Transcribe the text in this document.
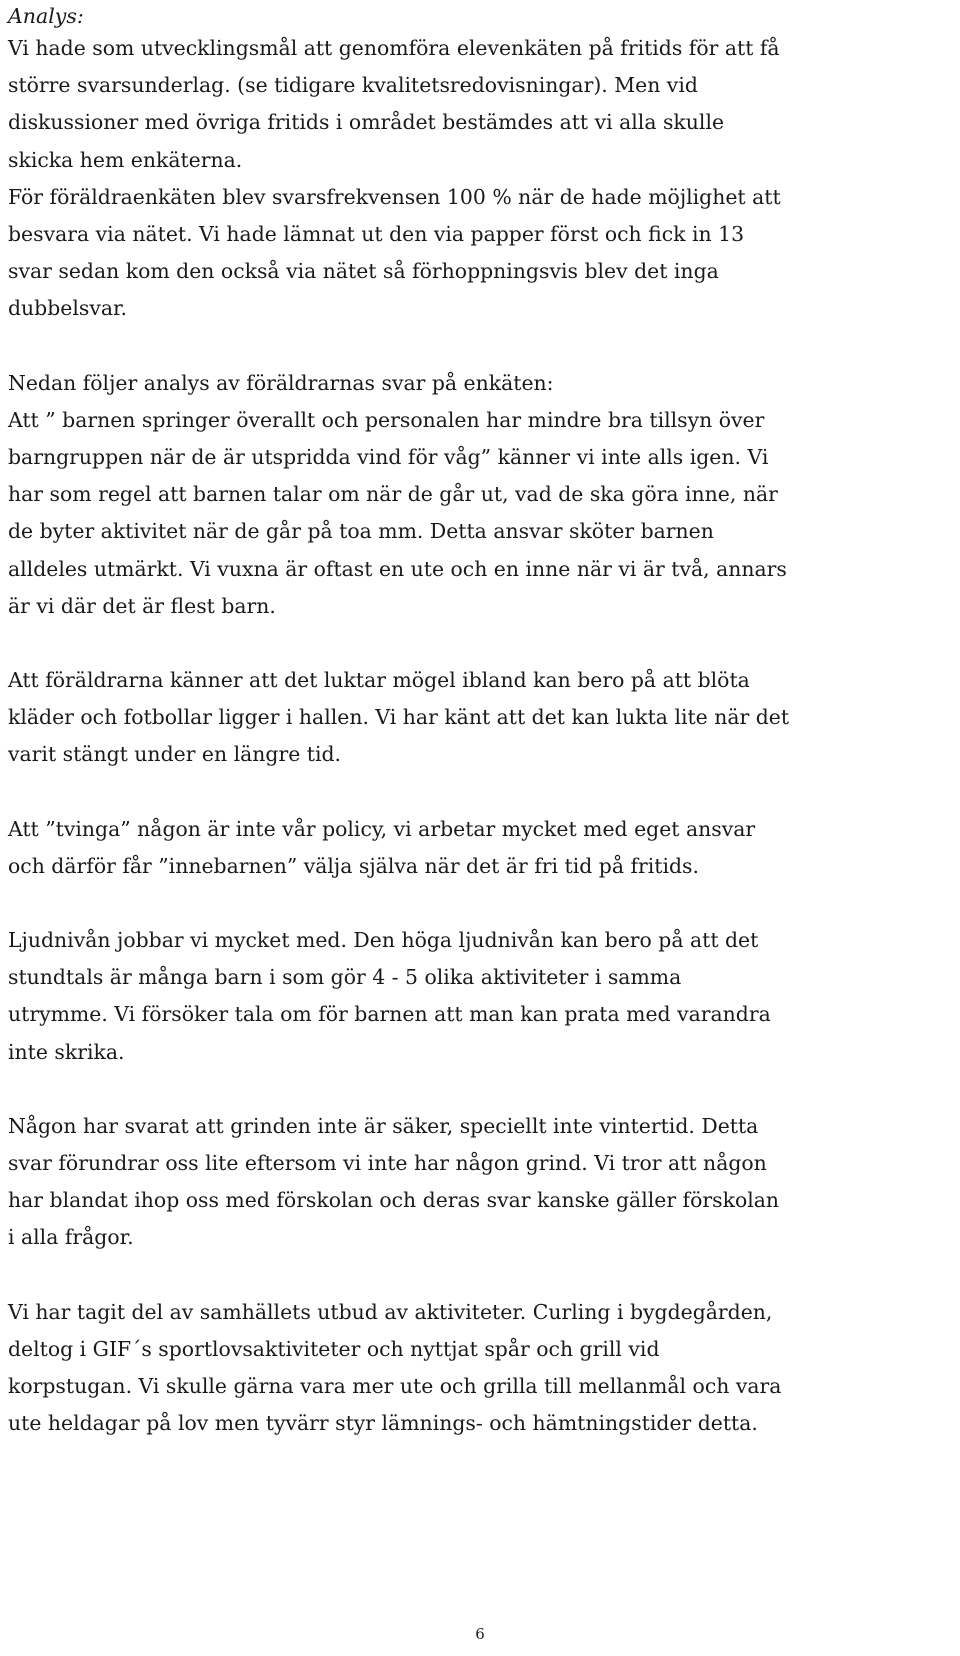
Analys:

Vi hade som utvecklingsmål att genomföra elevenkäten på fritids för att få
större svarsunderlag. (se tidigare kvalitetsredovisningar). Men vid
diskussioner med övriga fritids i området bestämdes att vi alla skulle
skicka hem enkäterna.
För föräldraenkäten blev svarsfrekvensen 100 % när de hade möjlighet att
besvara via nätet. Vi hade lämnat ut den via papper först och fick in 13
svar sedan kom den också via nätet så förhoppningsvis blev det inga
dubbelsvar.
Nedan följer analys av föräldrarnas svar på enkäten:
Att ” barnen springer överallt och personalen har mindre bra tillsyn över
barngruppen när de är utspridda vind för våg” känner vi inte alls igen. Vi
har som regel att barnen talar om när de går ut, vad de ska göra inne, när
de byter aktivitet när de går på toa mm. Detta ansvar sköter barnen
alldeles utmärkt. Vi vuxna är oftast en ute och en inne när vi är två, annars
är vi där det är flest barn.
Att föräldrarna känner att det luktar mögel ibland kan bero på att blöta
kläder och fotbollar ligger i hallen. Vi har känt att det kan lukta lite när det
varit stängt under en längre tid.
Att ”tvinga” någon är inte vår policy, vi arbetar mycket med eget ansvar
och därför får ”innebarnen” välja själva när det är fri tid på fritids.
Ljudnivån jobbar vi mycket med. Den höga ljudnivån kan bero på att det
stundtals är många barn i som gör 4 - 5 olika aktiviteter i samma
utrymme. Vi försöker tala om för barnen att man kan prata med varandra
inte skrika.
Någon har svarat att grinden inte är säker, speciellt inte vintertid. Detta
svar förundrar oss lite eftersom vi inte har någon grind. Vi tror att någon
har blandat ihop oss med förskolan och deras svar kanske gäller förskolan
i alla frågor.
Vi har tagit del av samhällets utbud av aktiviteter. Curling i bygdegården,
deltog i GIF´s sportlovsaktiviteter och nyttjat spår och grill vid
korpstugan. Vi skulle gärna vara mer ute och grilla till mellanmål och vara
ute heldagar på lov men tyvärr styr lämnings- och hämtningstider detta.
6
